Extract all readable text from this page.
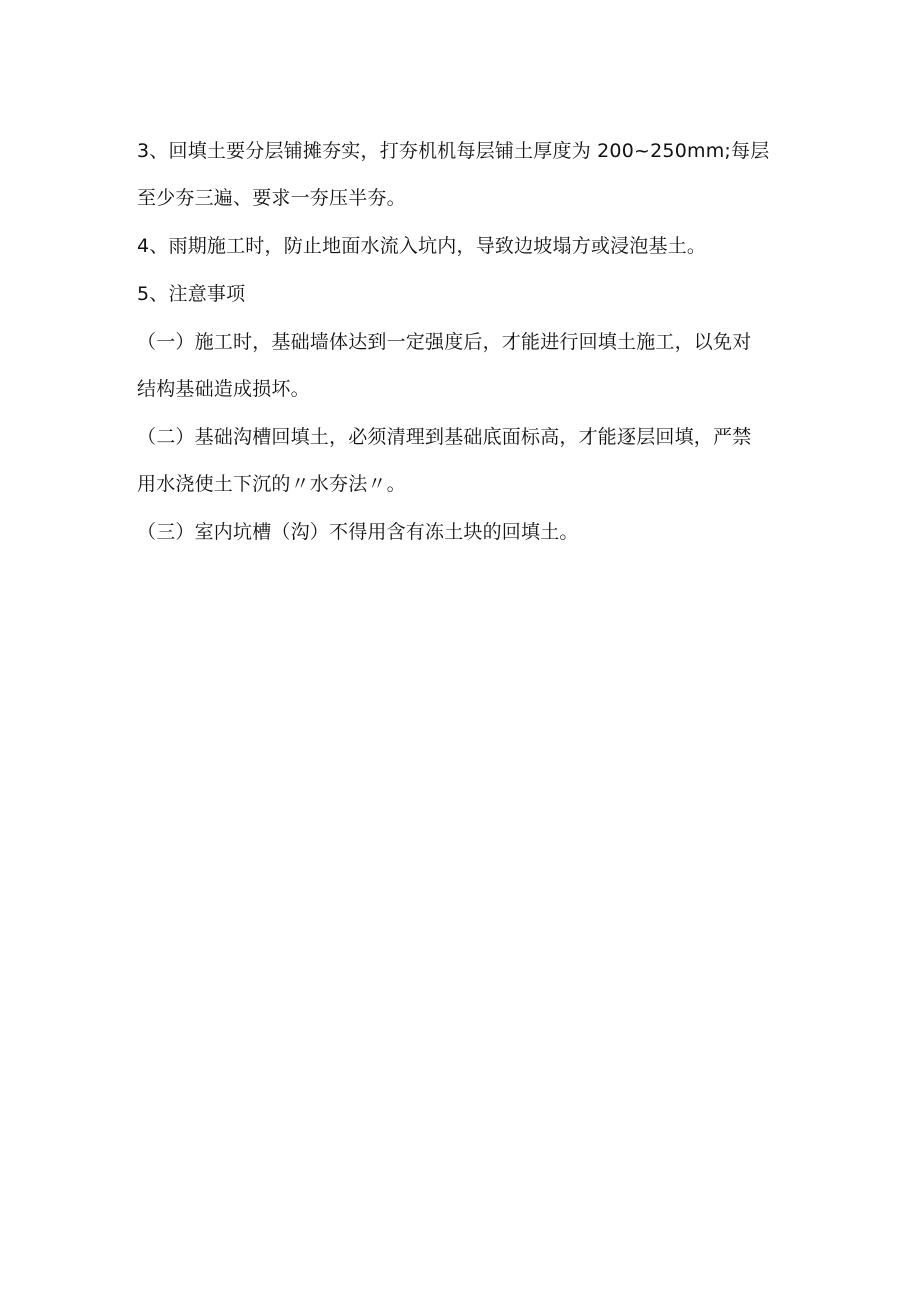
3、回填土要分层铺摊夯实，打夯机机每层铺土厚度为 200~250mm;每层
至少夯三遍、要求一夯压半夯。

4、雨期施工时，防止地面水流入坑内，导致边坡塌方或浸泡基土。

5、注意事项

（一）施工时，基础墙体达到一定强度后，才能进行回填土施工，以免对
结构基础造成损坏。

（二）基础沟槽回填土，必须清理到基础底面标高，才能逐层回填，严禁
用水浇使土下沉的〃水夯法〃。

（三）室内坑槽（沟）不得用含有冻土块的回填土。
